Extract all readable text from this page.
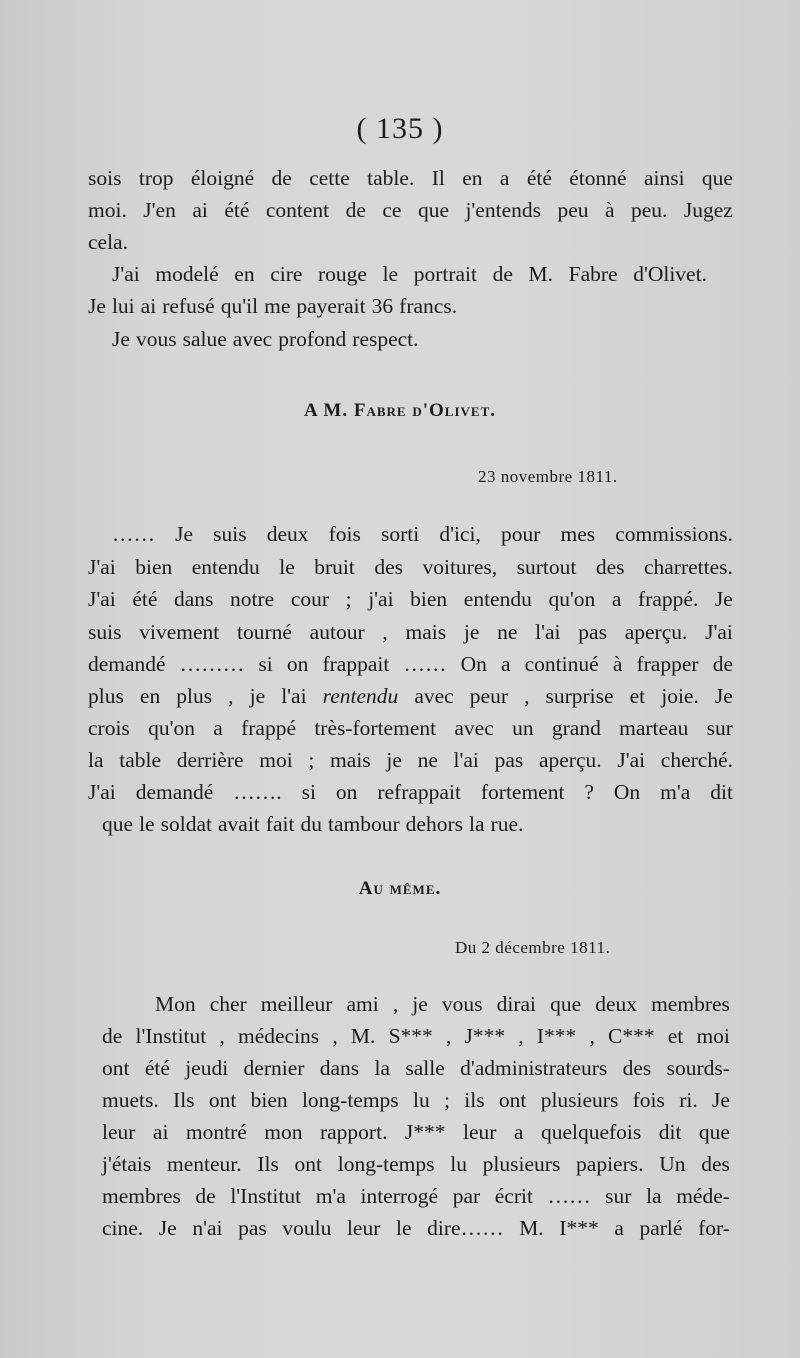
( 135 )
sois trop éloigné de cette table. Il en a été étonné ainsi que
moi. J'en ai été content de ce que j'entends peu à peu. Jugez
cela.
J'ai modelé en cire rouge le portrait de M. Fabre d'Olivet.
Je lui ai refusé qu'il me payerait 36 francs.
Je vous salue avec profond respect.
A M. Fabre d'Olivet.
23 novembre 1811.
…… Je suis deux fois sorti d'ici, pour mes commissions.
J'ai bien entendu le bruit des voitures, surtout des charrettes.
J'ai été dans notre cour ; j'ai bien entendu qu'on a frappé. Je
suis vivement tourné autour , mais je ne l'ai pas aperçu. J'ai
demandé ……… si on frappait …… On a continué à frapper de
plus en plus , je l'ai rentendu avec peur , surprise et joie. Je
crois qu'on a frappé très-fortement avec un grand marteau sur
la table derrière moi ; mais je ne l'ai pas aperçu. J'ai cherché.
J'ai demandé ……. si on refrappait fortement ? On m'a dit
que le soldat avait fait du tambour dehors la rue.
Au même.
Du 2 décembre 1811.
Mon cher meilleur ami , je vous dirai que deux membres
de l'Institut , médecins , M. S*** , J*** , I*** , C*** et moi
ont été jeudi dernier dans la salle d'administrateurs des sourds-
muets. Ils ont bien long-temps lu ; ils ont plusieurs fois ri. Je
leur ai montré mon rapport. J*** leur a quelquefois dit que
j'étais menteur. Ils ont long-temps lu plusieurs papiers. Un des
membres de l'Institut m'a interrogé par écrit …… sur la méde-
cine. Je n'ai pas voulu leur le dire…… M. I*** a parlé for-
